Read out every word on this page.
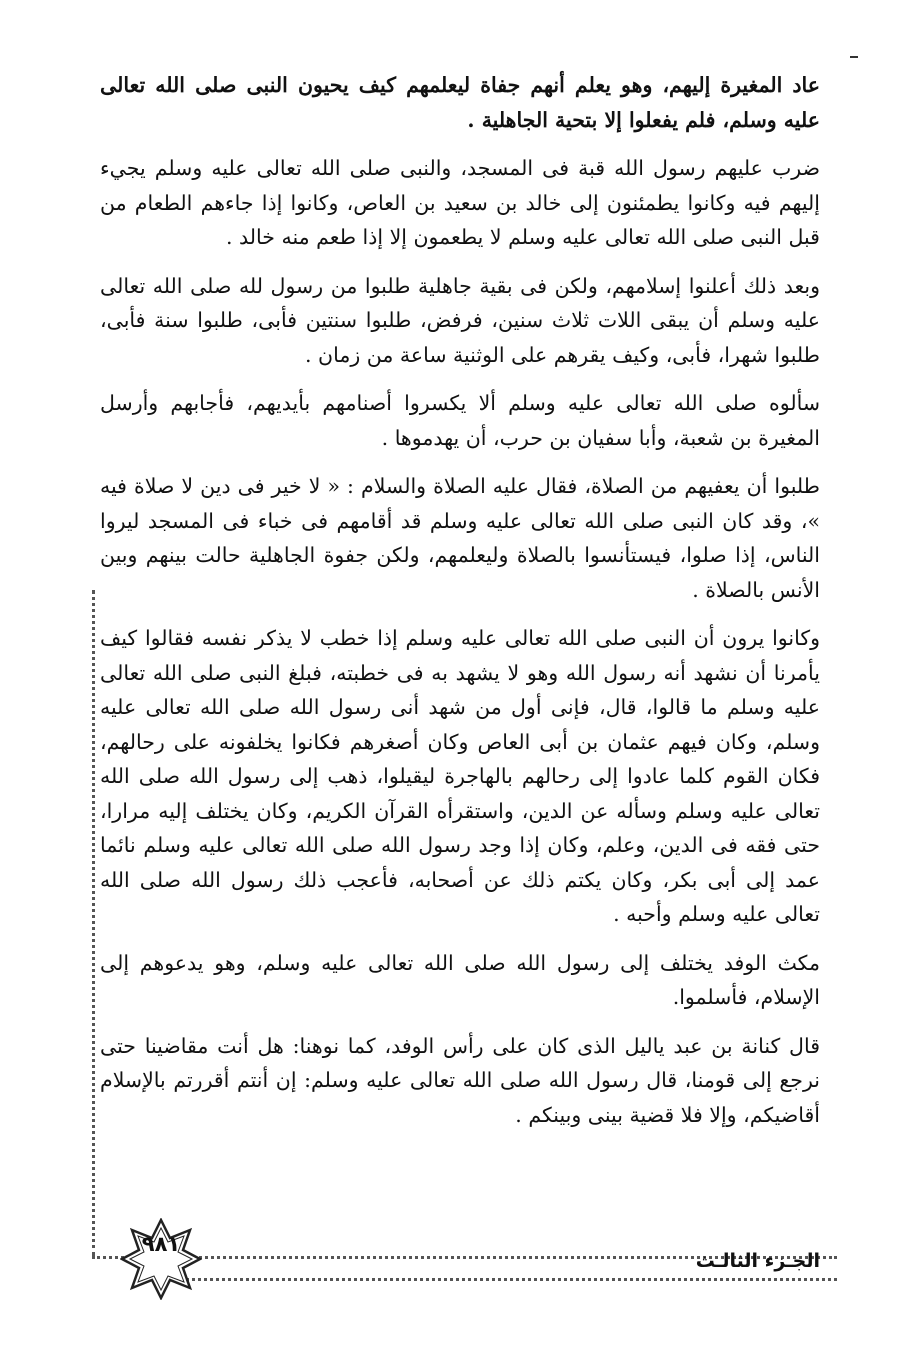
عاد المغيرة إليهم، وهو يعلم أنهم جفاة ليعلمهم كيف يحيون النبى صلى الله تعالى عليه وسلم، فلم يفعلوا إلا بتحية الجاهلية .

ضرب عليهم رسول الله قبة فى المسجد، والنبى صلى الله تعالى عليه وسلم يجيء إليهم فيه وكانوا يطمئنون إلى خالد بن سعيد بن العاص، وكانوا إذا جاءهم الطعام من قبل النبى صلى الله تعالى عليه وسلم لا يطعمون إلا إذا طعم منه خالد .

وبعد ذلك أعلنوا إسلامهم، ولكن فى بقية جاهلية طلبوا من رسول لله صلى الله تعالى عليه وسلم أن يبقى اللات ثلاث سنين، فرفض، طلبوا سنتين فأبى، طلبوا سنة فأبى، طلبوا شهرا، فأبى، وكيف يقرهم على الوثنية ساعة من زمان .

سألوه صلى الله تعالى عليه وسلم ألا يكسروا أصنامهم بأيديهم، فأجابهم وأرسل المغيرة بن شعبة، وأبا سفيان بن حرب، أن يهدموها .

طلبوا أن يعفيهم من الصلاة، فقال عليه الصلاة والسلام : « لا خير فى دين لا صلاة فيه »، وقد كان النبى صلى الله تعالى عليه وسلم قد أقامهم فى خباء فى المسجد ليروا الناس، إذا صلوا، فيستأنسوا بالصلاة وليعلمهم، ولكن جفوة الجاهلية حالت بينهم وبين الأنس بالصلاة .

وكانوا يرون أن النبى صلى الله تعالى عليه وسلم إذا خطب لا يذكر نفسه فقالوا كيف يأمرنا أن نشهد أنه رسول الله وهو لا يشهد به فى خطبته، فبلغ النبى صلى الله تعالى عليه وسلم ما قالوا، قال، فإنى أول من شهد أنى رسول الله صلى الله تعالى عليه وسلم، وكان فيهم عثمان بن أبى العاص وكان أصغرهم فكانوا يخلفونه على رحالهم، فكان القوم كلما عادوا إلى رحالهم بالهاجرة ليقيلوا، ذهب إلى رسول الله صلى الله تعالى عليه وسلم وسأله عن الدين، واستقرأه القرآن الكريم، وكان يختلف إليه مرارا، حتى فقه فى الدين، وعلم، وكان إذا وجد رسول الله صلى الله تعالى عليه وسلم نائما عمد إلى أبى بكر، وكان يكتم ذلك عن أصحابه، فأعجب ذلك رسول الله صلى الله تعالى عليه وسلم وأحبه .

مكث الوفد يختلف إلى رسول الله صلى الله تعالى عليه وسلم، وهو يدعوهم إلى الإسلام، فأسلموا.

قال كنانة بن عبد ياليل الذى كان على رأس الوفد، كما نوهنا: هل أنت مقاضينا حتى نرجع إلى قومنا، قال رسول الله صلى الله تعالى عليه وسلم: إن أنتم أقررتم بالإسلام أقاضيكم، وإلا فلا قضية بينى وبينكم .

٩٨١
الجـزء الثالـث
